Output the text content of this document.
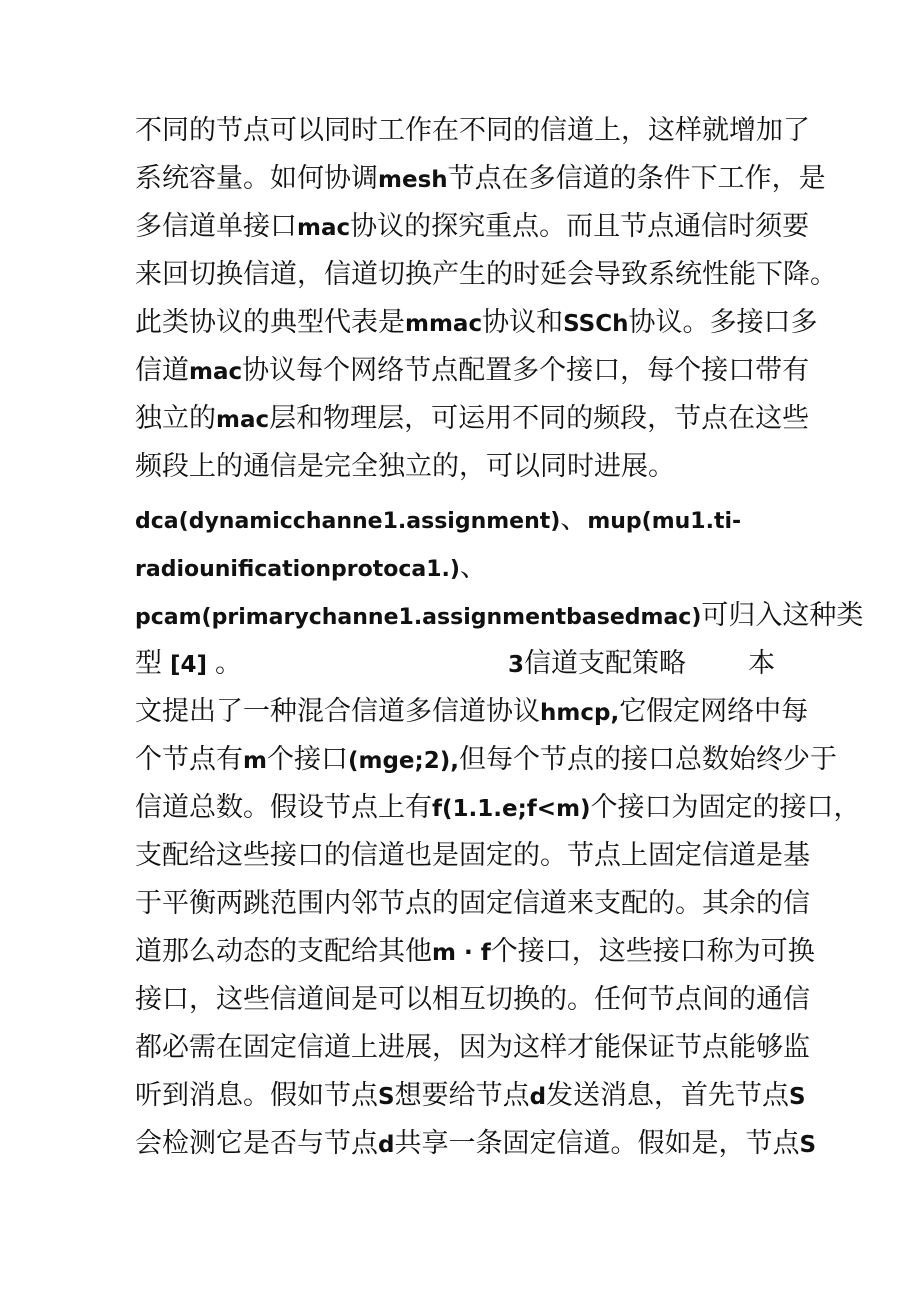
不同的节点可以同时工作在不同的信道上，这样就增加了
系统容量。如何协调mesh节点在多信道的条件下工作，是
多信道单接口mac协议的探究重点。而且节点通信时须要
来回切换信道，信道切换产生的时延会导致系统性能下降。
此类协议的典型代表是mmac协议和SSCh协议。多接口多
信道mac协议每个网络节点配置多个接口，每个接口带有
独立的mac层和物理层，可运用不同的频段，节点在这些
频段上的通信是完全独立的，可以同时进展。
dca(dynamicchanne1.assignment)、mup(mu1.ti-
radiounificationprotoca1.)、
pcam(primarychanne1.assignmentbasedmac)可归入这种类
型 [4] 。	3信道支配策略 本
文提出了一种混合信道多信道协议hmcp,它假定网络中每
个节点有m个接口(mge;2),但每个节点的接口总数始终少于
信道总数。假设节点上有f(1.1.e;f<m)个接口为固定的接口，
支配给这些接口的信道也是固定的。节点上固定信道是基
于平衡两跳范围内邻节点的固定信道来支配的。其余的信
道那么动态的支配给其他m · f个接口，这些接口称为可换
接口，这些信道间是可以相互切换的。任何节点间的通信
都必需在固定信道上进展，因为这样才能保证节点能够监
听到消息。假如节点S想要给节点d发送消息，首先节点S
会检测它是否与节点d共享一条固定信道。假如是，节点S
